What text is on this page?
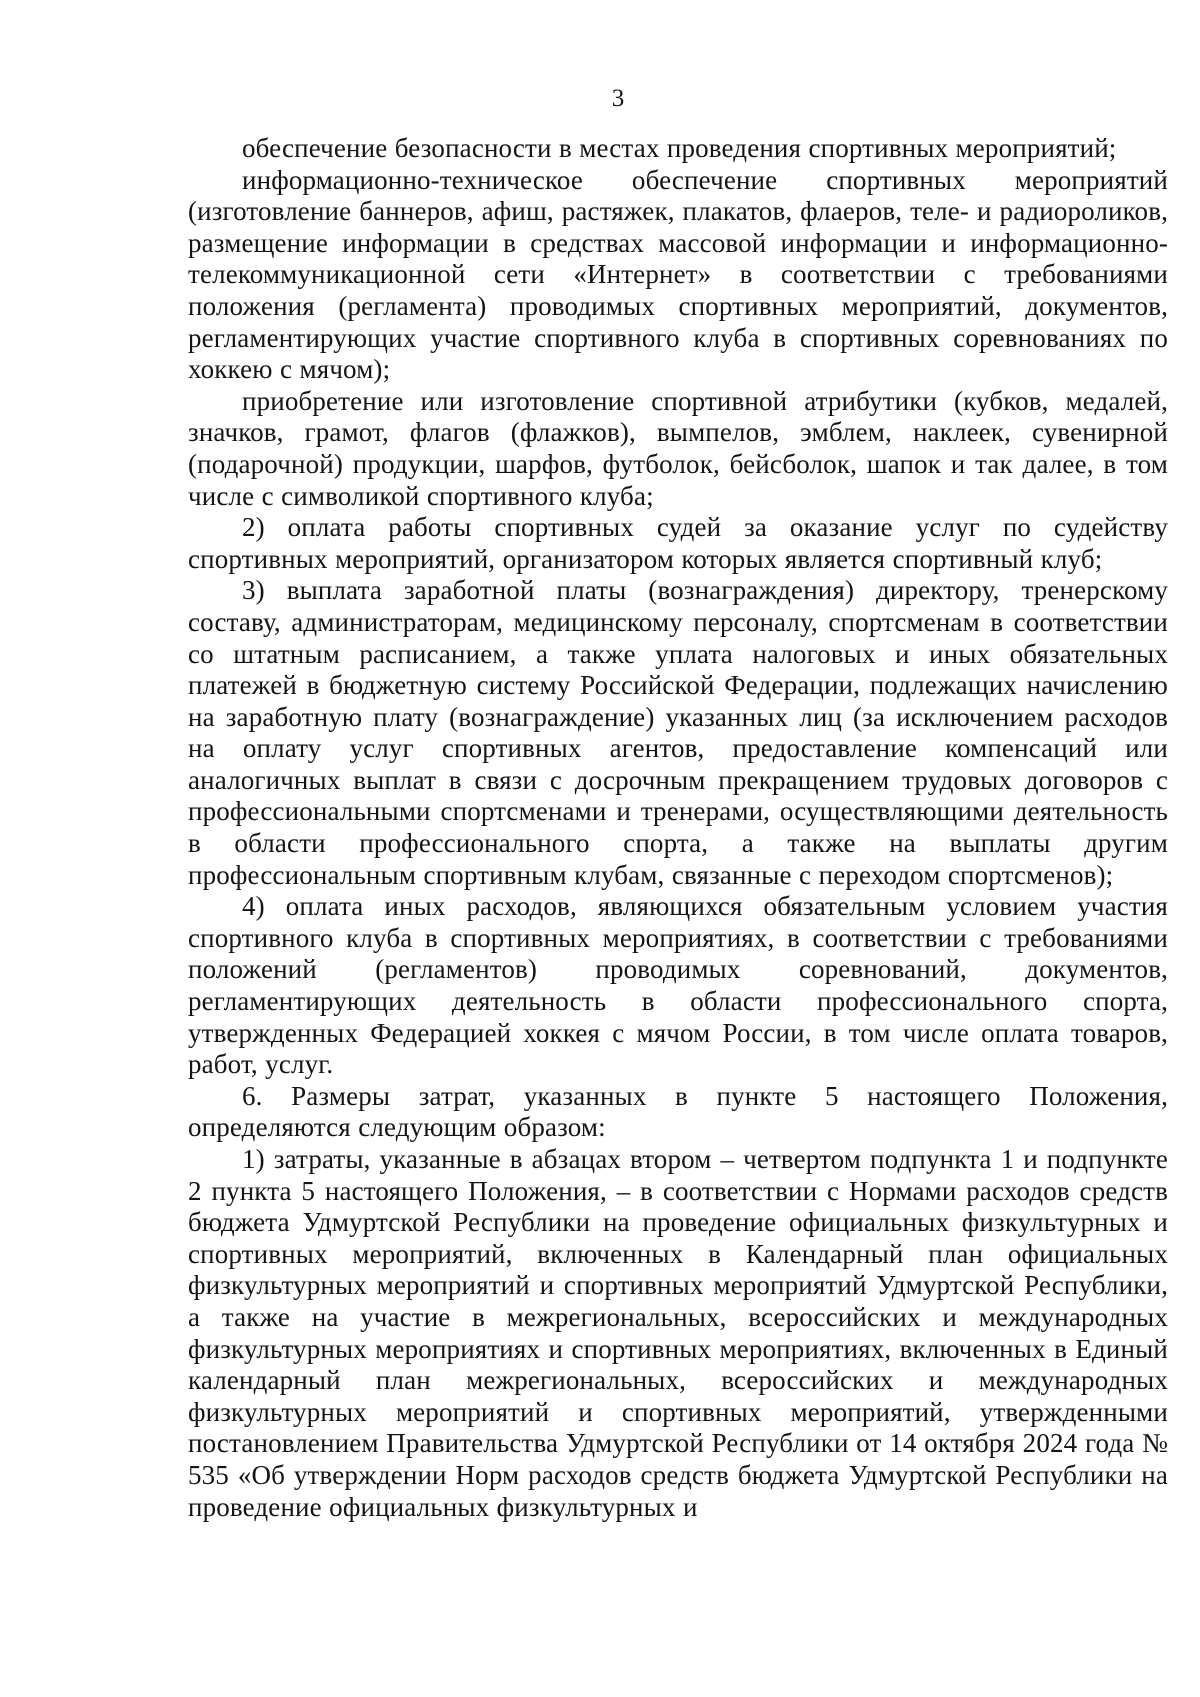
3

обеспечение безопасности в местах проведения спортивных мероприятий;

информационно-техническое обеспечение спортивных мероприятий (изготовление баннеров, афиш, растяжек, плакатов, флаеров, теле- и радиороликов, размещение информации в средствах массовой информации и информационно-телекоммуникационной сети «Интернет» в соответствии с требованиями положения (регламента) проводимых спортивных мероприятий, документов, регламентирующих участие спортивного клуба в спортивных соревнованиях по хоккею с мячом);

приобретение или изготовление спортивной атрибутики (кубков, медалей, значков, грамот, флагов (флажков), вымпелов, эмблем, наклеек, сувенирной (подарочной) продукции, шарфов, футболок, бейсболок, шапок и так далее, в том числе с символикой спортивного клуба;

2) оплата работы спортивных судей за оказание услуг по судейству спортивных мероприятий, организатором которых является спортивный клуб;

3) выплата заработной платы (вознаграждения) директору, тренерскому составу, администраторам, медицинскому персоналу, спортсменам в соответствии со штатным расписанием, а также уплата налоговых и иных обязательных платежей в бюджетную систему Российской Федерации, подлежащих начислению на заработную плату (вознаграждение) указанных лиц (за исключением расходов на оплату услуг спортивных агентов, предоставление компенсаций или аналогичных выплат в связи с досрочным прекращением трудовых договоров с профессиональными спортсменами и тренерами, осуществляющими деятельность в области профессионального спорта, а также на выплаты другим профессиональным спортивным клубам, связанные с переходом спортсменов);

4) оплата иных расходов, являющихся обязательным условием участия спортивного клуба в спортивных мероприятиях, в соответствии с требованиями положений (регламентов) проводимых соревнований, документов, регламентирующих деятельность в области профессионального спорта, утвержденных Федерацией хоккея с мячом России, в том числе оплата товаров, работ, услуг.

6. Размеры затрат, указанных в пункте 5 настоящего Положения, определяются следующим образом:

1) затраты, указанные в абзацах втором – четвертом подпункта 1 и подпункте 2 пункта 5 настоящего Положения, – в соответствии с Нормами расходов средств бюджета Удмуртской Республики на проведение официальных физкультурных и спортивных мероприятий, включенных в Календарный план официальных физкультурных мероприятий и спортивных мероприятий Удмуртской Республики, а также на участие в межрегиональных, всероссийских и международных физкультурных мероприятиях и спортивных мероприятиях, включенных в Единый календарный план межрегиональных, всероссийских и международных физкультурных мероприятий и спортивных мероприятий, утвержденными постановлением Правительства Удмуртской Республики от 14 октября 2024 года № 535 «Об утверждении Норм расходов средств бюджета Удмуртской Республики на проведение официальных физкультурных и
